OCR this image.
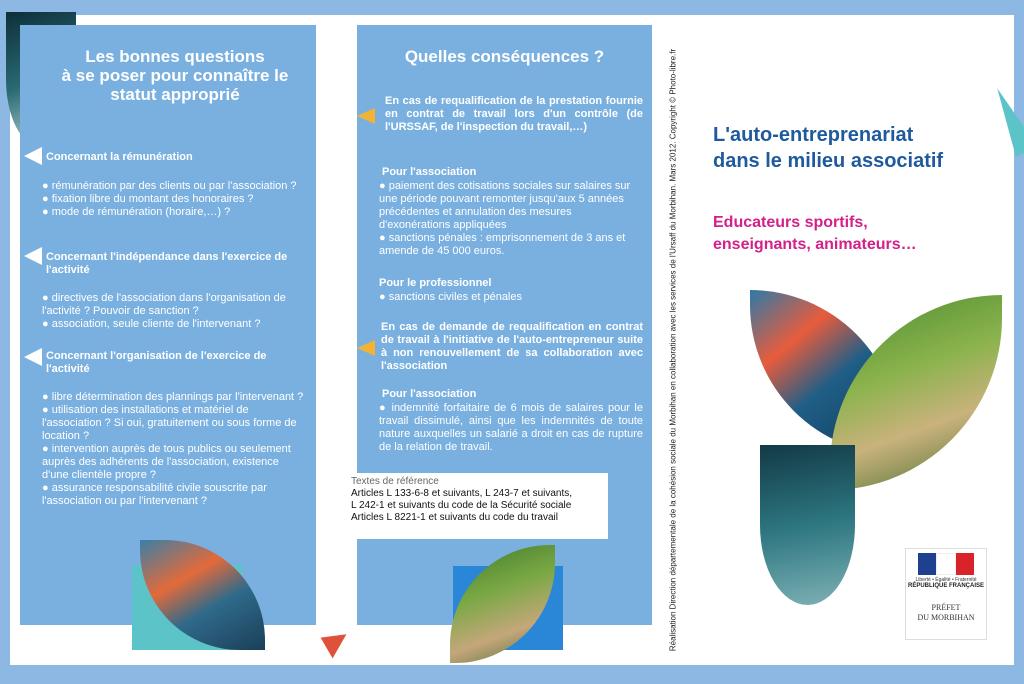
Les bonnes questions
à se poser pour connaître le
statut approprié

Concernant la rémunération

● rémunération par des clients ou par l'association ?

● fixation libre du montant des honoraires ?

● mode de rémunération (horaire,…) ?

Concernant l'indépendance dans l'exercice de l'activité

● directives de l'association dans l'organisation de l'activité ? Pouvoir de sanction ?

● association, seule cliente de l'intervenant ?

Concernant l'organisation de l'exercice de l'activité

● libre détermination des plannings par l'intervenant ?

● utilisation des installations et matériel de l'association ? Si oui, gratuitement ou sous forme de location ?

● intervention auprès de tous publics ou seulement auprès des adhérents de l'association, existence d'une clientèle propre ?

● assurance responsabilité civile souscrite par l'association ou par l'intervenant ?

Quelles conséquences ?

En cas de requalification de la prestation fournie en contrat de travail lors d'un contrôle (de l'URSSAF, de l'inspection du travail,…)

Pour l'association

● paiement des cotisations sociales sur salaires sur une période pouvant remonter jusqu'aux 5 années précédentes et annulation des mesures d'exonérations appliquées

● sanctions pénales : emprisonnement de 3 ans et amende de 45 000 euros.

Pour le professionnel

● sanctions civiles et pénales

En cas de demande de requalification en contrat de travail à l'initiative de l'auto-entrepreneur suite à non renouvellement de sa collaboration avec l'association

Pour l'association

● indemnité forfaitaire de 6 mois de salaires pour le travail dissimulé, ainsi que les indemnités de toute nature auxquelles un salarié a droit en cas de rupture de la relation de travail.

Textes de référence
Articles L 133-6-8 et suivants, L 243-7 et suivants,
L 242-1 et suivants du code de la Sécurité sociale
Articles L 8221-1 et suivants du code du travail	Réalisation Direction départementale de la cohésion sociale du Morbihan en collaboration avec les services de l'Ursaff du Morbihan. Mars 2012. Copyright © Photo-libre.fr L'auto-entreprenariat
dans le milieu associatif
Educateurs sportifs,
enseignants, animateurs…
Liberté • Égalité • Fraternité
RÉPUBLIQUE FRANÇAISE
PRÉFET
DU MORBIHAN
